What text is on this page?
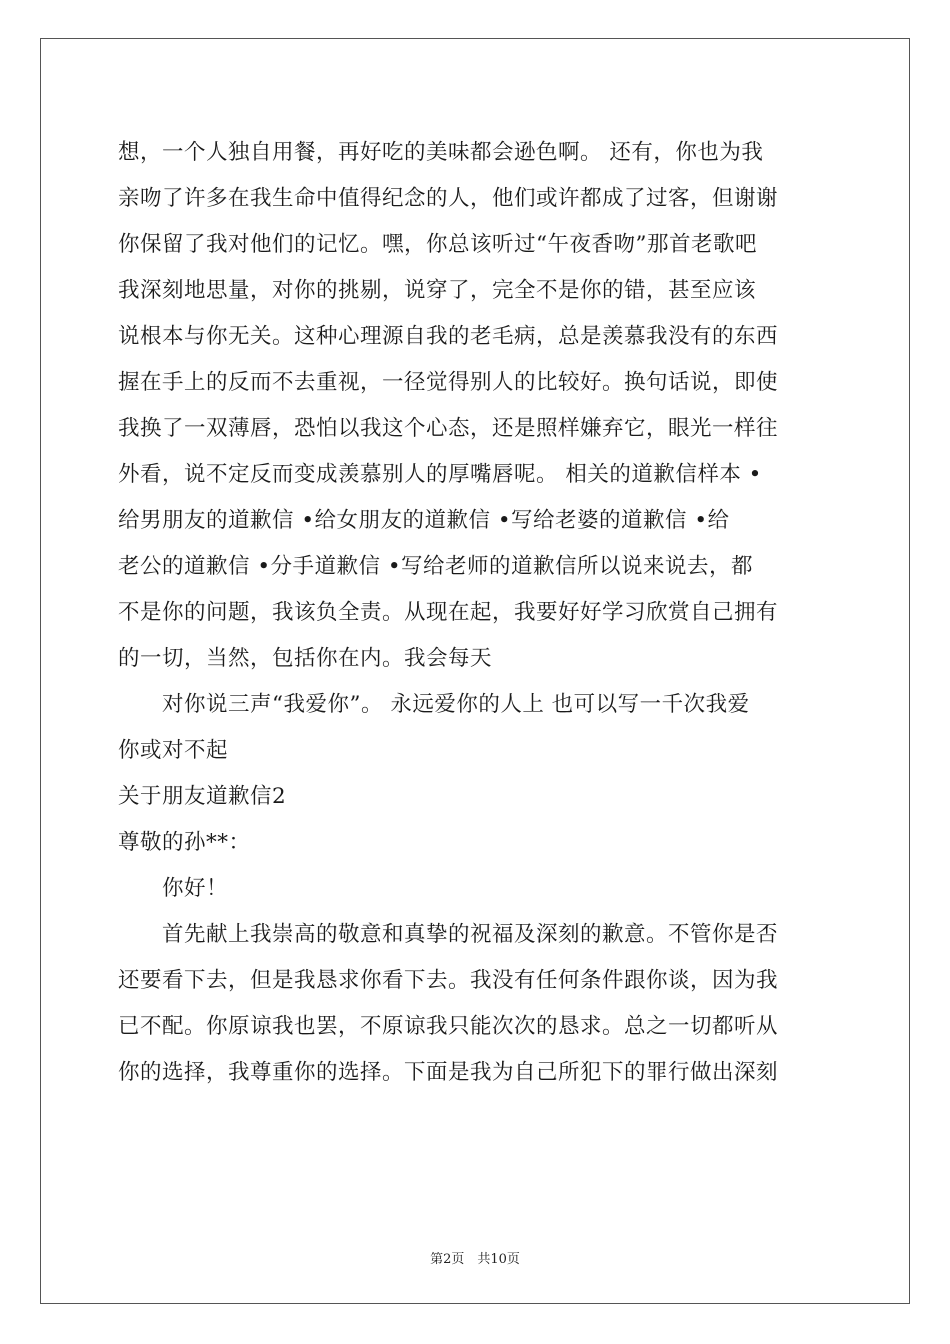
想，一个人独自用餐，再好吃的美味都会逊色啊。 还有，你也为我
亲吻了许多在我生命中值得纪念的人，他们或许都成了过客，但谢谢
你保留了我对他们的记忆。嘿，你总该听过“午夜香吻”那首老歌吧
我深刻地思量，对你的挑剔，说穿了，完全不是你的错，甚至应该
说根本与你无关。这种心理源自我的老毛病，总是羡慕我没有的东西
握在手上的反而不去重视，一径觉得别人的比较好。换句话说，即使
我换了一双薄唇，恐怕以我这个心态，还是照样嫌弃它，眼光一样往
外看，说不定反而变成羡慕别人的厚嘴唇呢。 相关的道歉信样本 •
给男朋友的道歉信 •给女朋友的道歉信 •写给老婆的道歉信 •给
老公的道歉信 •分手道歉信 •写给老师的道歉信所以说来说去，都
不是你的问题，我该负全责。从现在起，我要好好学习欣赏自己拥有
的一切，当然，包括你在内。我会每天
对你说三声“我爱你”。 永远爱你的人上 也可以写一千次我爱
你或对不起
关于朋友道歉信2
尊敬的孙**：
你好！
首先献上我崇高的敬意和真挚的祝福及深刻的歉意。不管你是否
还要看下去，但是我恳求你看下去。我没有任何条件跟你谈，因为我
已不配。你原谅我也罢，不原谅我只能次次的恳求。总之一切都听从
你的选择，我尊重你的选择。下面是我为自己所犯下的罪行做出深刻
第2页　共10页
